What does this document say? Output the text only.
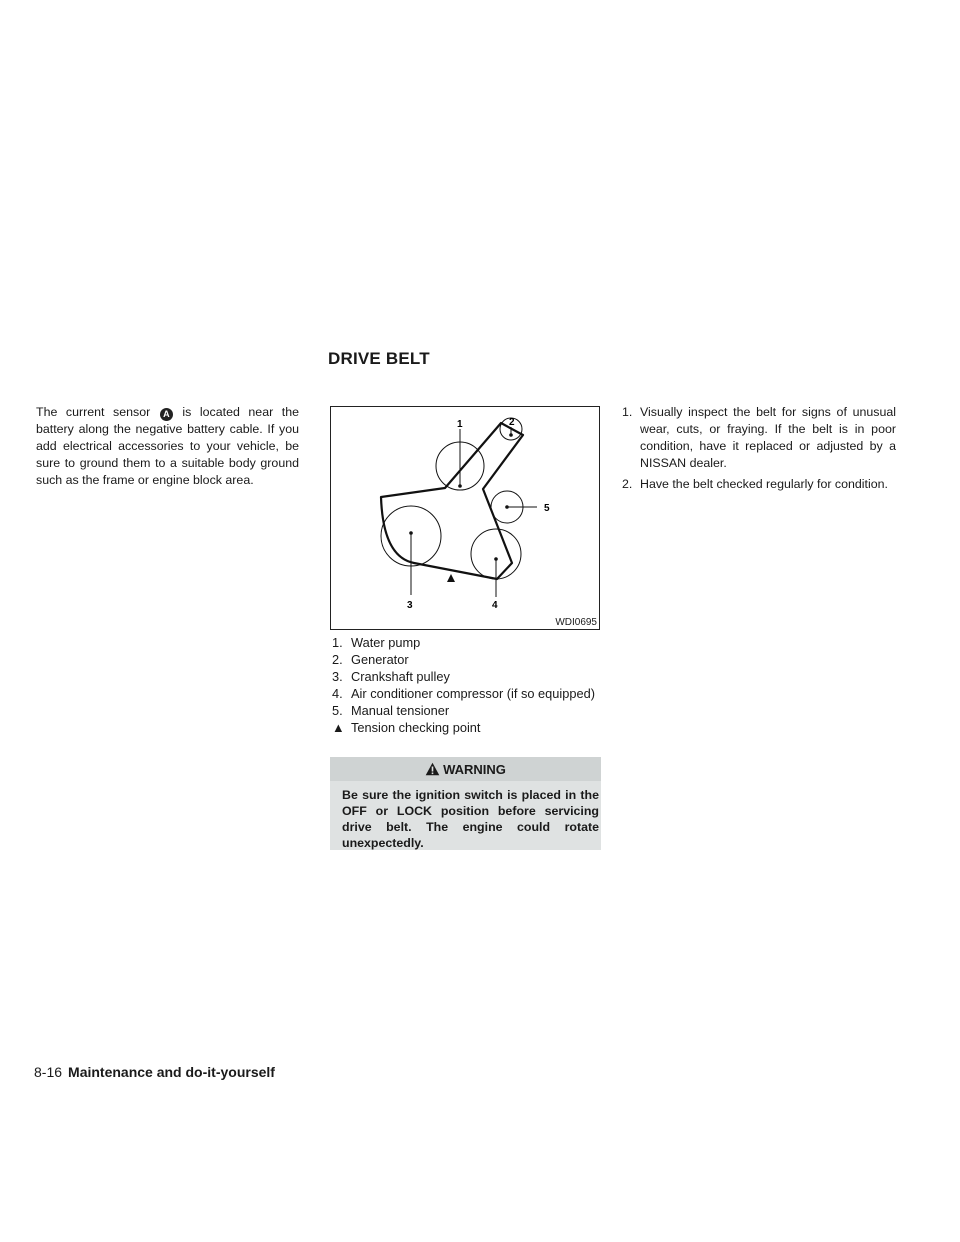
DRIVE BELT

The current sensor A is located near the battery along the negative battery cable. If you add electrical accessories to your vehicle, be sure to ground them to a suitable body ground such as the frame or engine block area.

1	2
5
3	4
WDI0695
1. Water pump
2. Generator
3. Crankshaft pulley
4. Air conditioner compressor (if so equipped)
5. Manual tensioner
▲ Tension checking point
WARNING

Be sure the ignition switch is placed in the OFF or LOCK position before servicing drive belt. The engine could rotate unexpectedly.

1. Visually inspect the belt for signs of unusual wear, cuts, or fraying. If the belt is in poor condition, have it replaced or adjusted by a NISSAN dealer.
2. Have the belt checked regularly for condition.
8-16 Maintenance and do-it-yourself
